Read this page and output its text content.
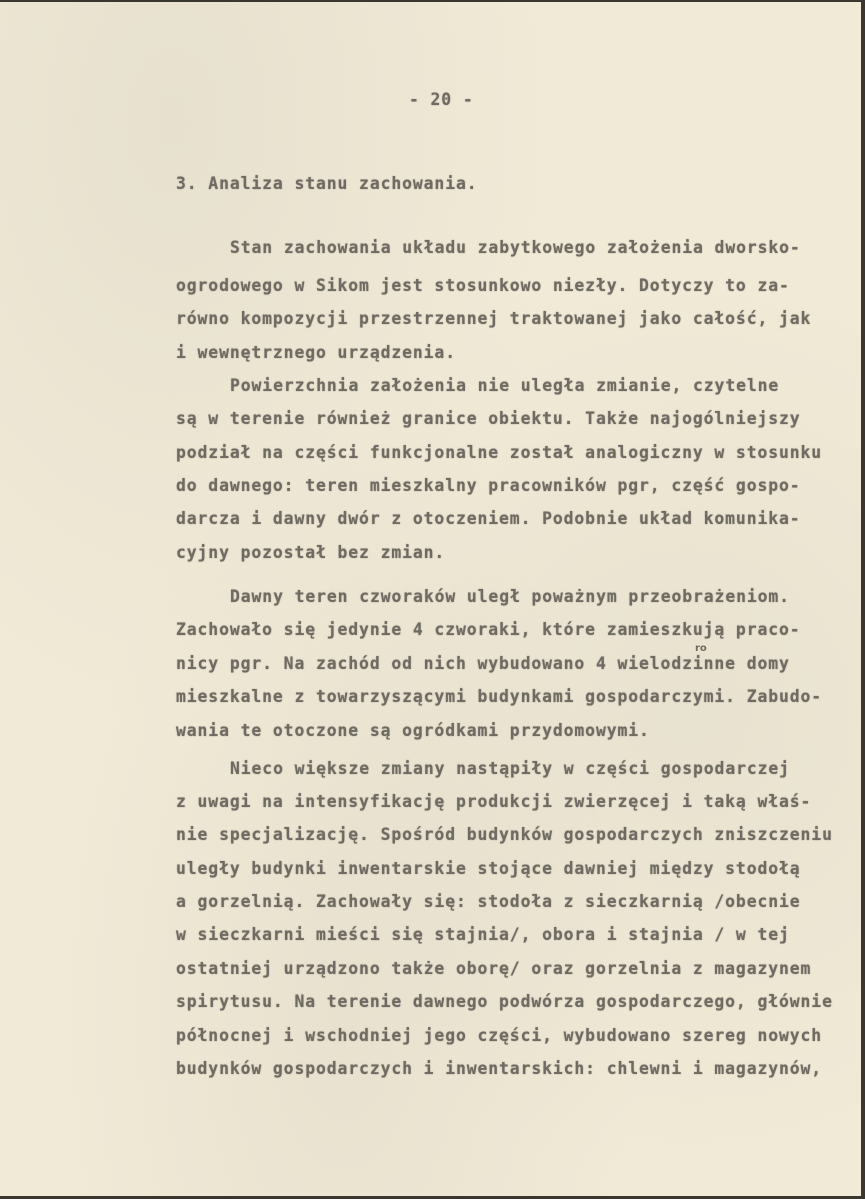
- 20 -
3. Analiza stanu zachowania.
Stan zachowania układu zabytkowego założenia dworsko-
ogrodowego w Sikom jest stosunkowo niezły. Dotyczy to za-
równo kompozycji przestrzennej traktowanej jako całość, jak
i wewnętrznego urządzenia.
Powierzchnia założenia nie uległa zmianie, czytelne
są w terenie również granice obiektu. Także najogólniejszy
podział na części funkcjonalne został analogiczny w stosunku
do dawnego: teren mieszkalny pracowników pgr, część gospo-
darcza i dawny dwór z otoczeniem. Podobnie układ komunika-
cyjny pozostał bez zmian.
Dawny teren czworaków uległ poważnym przeobrażeniom.
Zachowało się jedynie 4 czworaki, które zamieszkują praco-
nicy pgr. Na zachód od nich wybudowano 4 wielodzinne domy
mieszkalne z towarzyszącymi budynkami gospodarczymi. Zabudo-
wania te otoczone są ogródkami przydomowymi.
Nieco większe zmiany nastąpiły w części gospodarczej
z uwagi na intensyfikację produkcji zwierzęcej i taką właś-
nie specjalizację. Spośród budynków gospodarczych zniszczeniu
uległy budynki inwentarskie stojące dawniej między stodołą
a gorzelnią. Zachowały się: stodoła z sieczkarnią /obecnie
w sieczkarni mieści się stajnia/, obora i stajnia / w tej
ostatniej urządzono także oborę/ oraz gorzelnia z magazynem
spirytusu. Na terenie dawnego podwórza gospodarczego, głównie
północnej i wschodniej jego części, wybudowano szereg nowych
budynków gospodarczych i inwentarskich: chlewni i magazynów,
ro
